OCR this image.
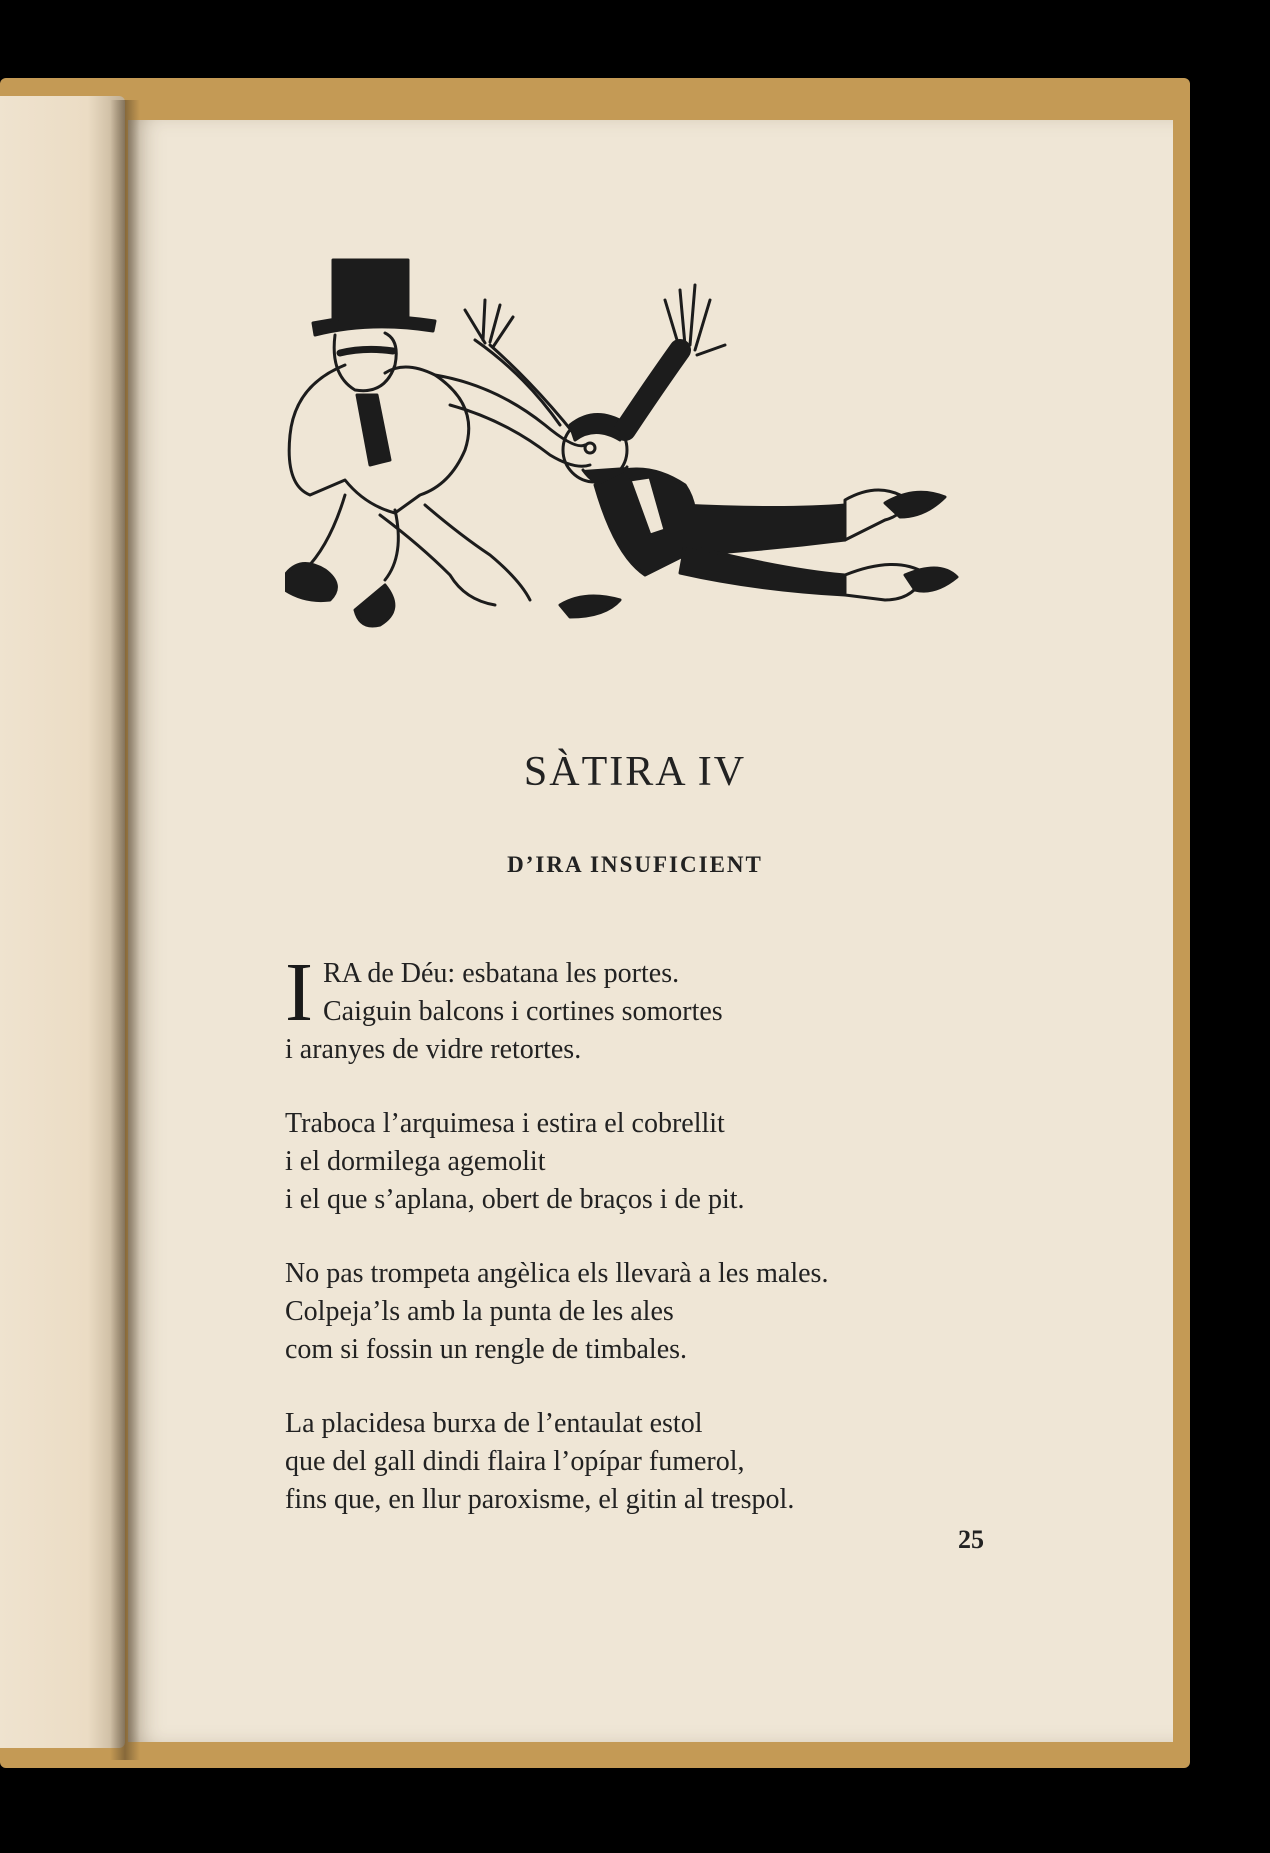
SÀTIRA IV
D’IRA INSUFICIENT
I RA de Déu: esbatana les portes.
Caiguin balcons i cortines somortes
i aranyes de vidre retortes.
Traboca l’arquimesa i estira el cobrellit
i el dormilega agemolit
i el que s’aplana, obert de braços i de pit.
No pas trompeta angèlica els llevarà a les males.
Colpeja’ls amb la punta de les ales
com si fossin un rengle de timbales.
La placidesa burxa de l’entaulat estol
que del gall dindi flaira l’opípar fumerol,
fins que, en llur paroxisme, el gitin al trespol.
25
